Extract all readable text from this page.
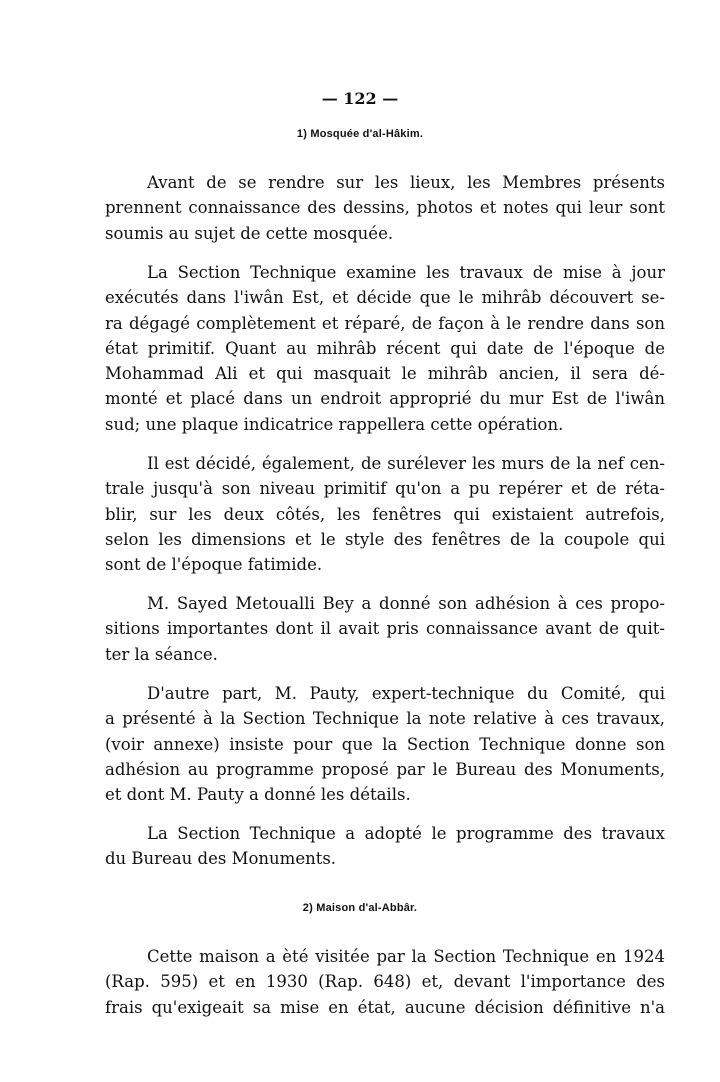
— 122 —
1) Mosquée d'al-Hâkim.
2) Maison d'al-Abbâr.
Avant de se rendre sur les lieux, les Membres présents
prennent connaissance des dessins, photos et notes qui leur sont
soumis au sujet de cette mosquée.
La Section Technique examine les travaux de mise à jour
exécutés dans l'iwân Est, et décide que le mihrâb découvert se-
ra dégagé complètement et réparé, de façon à le rendre dans son
état primitif. Quant au mihrâb récent qui date de l'époque de
Mohammad Ali et qui masquait le mihrâb ancien, il sera dé-
monté et placé dans un endroit approprié du mur Est de l'iwân
sud; une plaque indicatrice rappellera cette opération.
Il est décidé, également, de surélever les murs de la nef cen-
trale jusqu'à son niveau primitif qu'on a pu repérer et de réta-
blir, sur les deux côtés, les fenêtres qui existaient autrefois,
selon les dimensions et le style des fenêtres de la coupole qui
sont de l'époque fatimide.
M. Sayed Metoualli Bey a donné son adhésion à ces propo-
sitions importantes dont il avait pris connaissance avant de quit-
ter la séance.
D'autre part, M. Pauty, expert-technique du Comité, qui
a présenté à la Section Technique la note relative à ces travaux,
(voir annexe) insiste pour que la Section Technique donne son
adhésion au programme proposé par le Bureau des Monuments,
et dont M. Pauty a donné les détails.
La Section Technique a adopté le programme des travaux
du Bureau des Monuments.
Cette maison a èté visitée par la Section Technique en 1924
(Rap. 595) et en 1930 (Rap. 648) et, devant l'importance des
frais qu'exigeait sa mise en état, aucune décision définitive n'a
